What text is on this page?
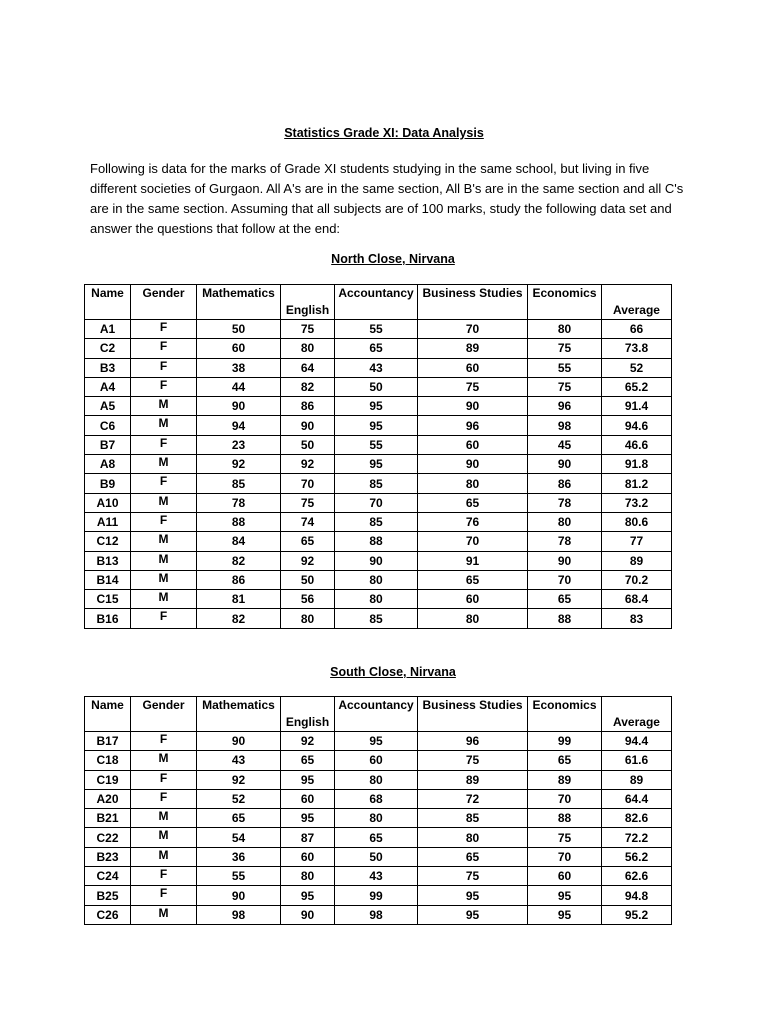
Statistics Grade XI: Data Analysis

Following is data for the marks of Grade XI students studying in the same school, but living in five different societies of Gurgaon. All A's are in the same section, All B's are in the same section and all C's are in the same section. Assuming that all subjects are of 100 marks, study the following data set and answer the questions that follow at the end:

North Close, Nirvana
Name	Gender	Mathematics	English	Accountancy	Business Studies	Economics	Average
A1	F	50	75	55	70	80	66
C2	F	60	80	65	89	75	73.8
B3	F	38	64	43	60	55	52
A4	F	44	82	50	75	75	65.2
A5	M	90	86	95	90	96	91.4
C6	M	94	90	95	96	98	94.6
B7	F	23	50	55	60	45	46.6
A8	M	92	92	95	90	90	91.8
B9	F	85	70	85	80	86	81.2
A10	M	78	75	70	65	78	73.2
A11	F	88	74	85	76	80	80.6
C12	M	84	65	88	70	78	77
B13	M	82	92	90	91	90	89
B14	M	86	50	80	65	70	70.2
C15	M	81	56	80	60	65	68.4
B16	F	82	80	85	80	88	83
South Close, Nirvana
Name	Gender	Mathematics	English	Accountancy	Business Studies	Economics	Average
B17	F	90	92	95	96	99	94.4
C18	M	43	65	60	75	65	61.6
C19	F	92	95	80	89	89	89
A20	F	52	60	68	72	70	64.4
B21	M	65	95	80	85	88	82.6
C22	M	54	87	65	80	75	72.2
B23	M	36	60	50	65	70	56.2
C24	F	55	80	43	75	60	62.6
B25	F	90	95	99	95	95	94.8
C26	M	98	90	98	95	95	95.2
